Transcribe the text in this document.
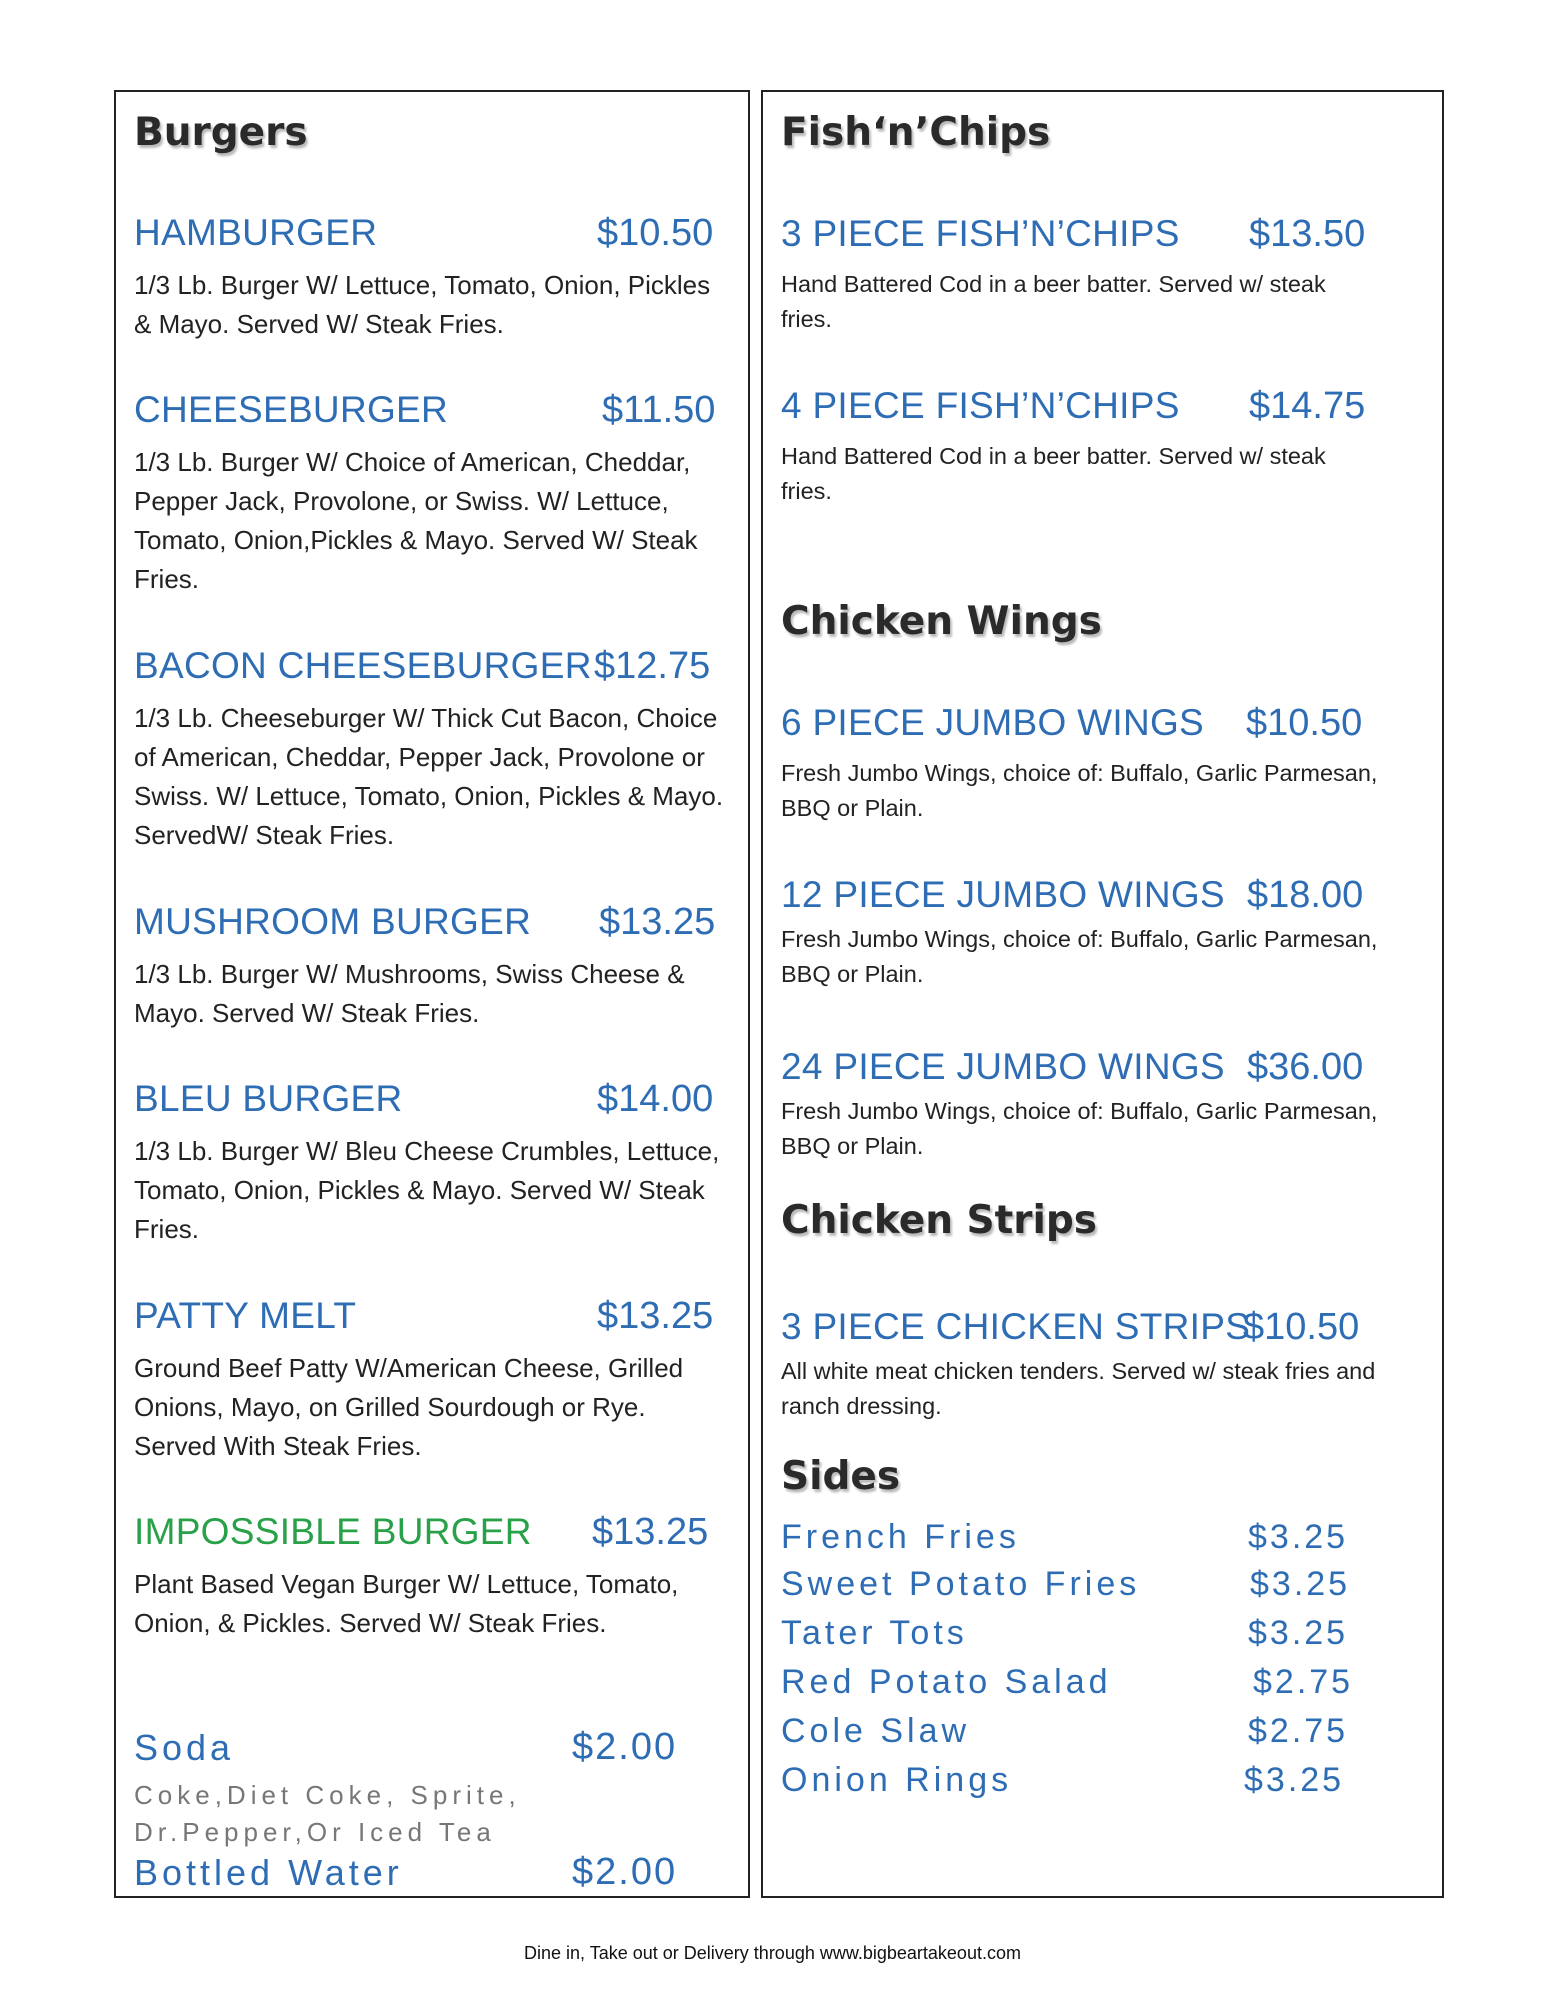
Burgers
HAMBURGER	$10.50
1/3 Lb. Burger W/ Lettuce, Tomato, Onion, Pickles & Mayo. Served W/ Steak Fries.
CHEESEBURGER	$11.50
1/3 Lb. Burger W/ Choice of American, Cheddar, Pepper Jack, Provolone, or Swiss. W/ Lettuce, Tomato, Onion,Pickles & Mayo. Served W/ Steak Fries.
BACON CHEESEBURGER $12.75
1/3 Lb. Cheeseburger W/ Thick Cut Bacon, Choice of American, Cheddar, Pepper Jack, Provolone or Swiss. W/ Lettuce, Tomato, Onion, Pickles & Mayo. ServedW/ Steak Fries.
MUSHROOM BURGER $13.25
1/3 Lb. Burger W/ Mushrooms, Swiss Cheese & Mayo. Served W/ Steak Fries.
BLEU BURGER	$14.00
1/3 Lb. Burger W/ Bleu Cheese Crumbles, Lettuce, Tomato, Onion, Pickles & Mayo. Served W/ Steak Fries.
PATTY MELT	$13.25
Ground Beef Patty W/American Cheese, Grilled Onions, Mayo, on Grilled Sourdough or Rye. Served With Steak Fries.
IMPOSSIBLE BURGER $13.25
Plant Based Vegan Burger W/ Lettuce, Tomato, Onion, & Pickles. Served W/ Steak Fries.
Soda	$2.00
Coke,Diet Coke, Sprite,
Dr.Pepper,Or Iced Tea
Bottled Water	$2.00
Fish‘n’Chips
3 PIECE FISH’N’CHIPS $13.50
Hand Battered Cod in a beer batter. Served w/ steak fries.
4 PIECE FISH’N’CHIPS $14.75
Hand Battered Cod in a beer batter. Served w/ steak fries.
Chicken Wings
6 PIECE JUMBO WINGS $10.50
Fresh Jumbo Wings, choice of: Buffalo, Garlic Parmesan, BBQ or Plain.
12 PIECE JUMBO WINGS $18.00
Fresh Jumbo Wings, choice of: Buffalo, Garlic Parmesan, BBQ or Plain.
24 PIECE JUMBO WINGS $36.00
Fresh Jumbo Wings, choice of: Buffalo, Garlic Parmesan, BBQ or Plain.
Chicken Strips
3 PIECE CHICKEN STRIPS
$10.50
All white meat chicken tenders. Served w/ steak fries and ranch dressing.
Sides
French Fries	$3.25
Sweet Potato Fries	$3.25
Tater Tots	$3.25
Red Potato Salad	$2.75
Cole Slaw	$2.75
Onion Rings	$3.25
Dine in, Take out or Delivery through www.bigbeartakeout.com
